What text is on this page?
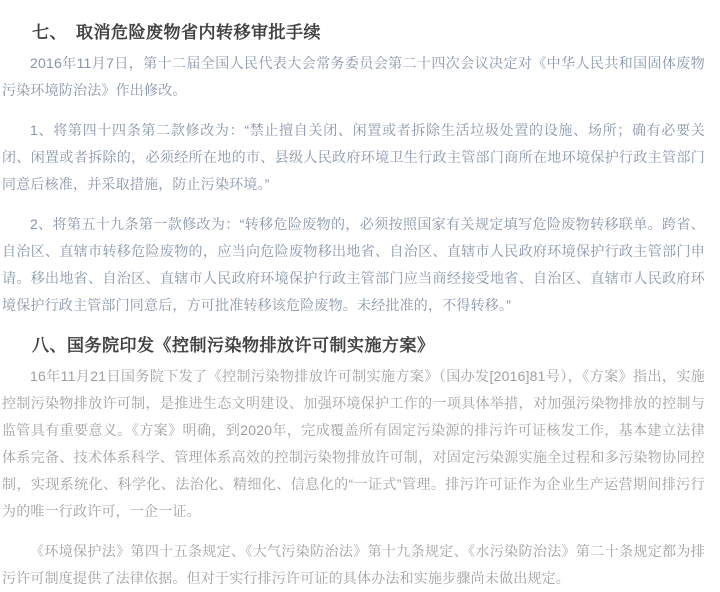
七、　取消危险废物省内转移审批手续

2016年11月7日，第十二届全国人民代表大会常务委员会第二十四次会议决定对《中华人民共和国固体废物污染环境防治法》作出修改。

1、将第四十四条第二款修改为：“禁止擅自关闭、闲置或者拆除生活垃圾处置的设施、场所；确有必要关闭、闲置或者拆除的，必须经所在地的市、县级人民政府环境卫生行政主管部门商所在地环境保护行政主管部门同意后核准，并采取措施，防止污染环境。”

2、将第五十九条第一款修改为：“转移危险废物的，必须按照国家有关规定填写危险废物转移联单。跨省、自治区、直辖市转移危险废物的，应当向危险废物移出地省、自治区、直辖市人民政府环境保护行政主管部门申请。移出地省、自治区、直辖市人民政府环境保护行政主管部门应当商经接受地省、自治区、直辖市人民政府环境保护行政主管部门同意后，方可批准转移该危险废物。未经批准的，不得转移。”

八、国务院印发《控制污染物排放许可制实施方案》

16年11月21日国务院下发了《控制污染物排放许可制实施方案》（国办发[2016]81号），《方案》指出，实施控制污染物排放许可制，是推进生态文明建设、加强环境保护工作的一项具体举措，对加强污染物排放的控制与监管具有重要意义。《方案》明确，到2020年，完成覆盖所有固定污染源的排污许可证核发工作，基本建立法律体系完备、技术体系科学、管理体系高效的控制污染物排放许可制，对固定污染源实施全过程和多污染物协同控制，实现系统化、科学化、法治化、精细化、信息化的“一证式”管理。排污许可证作为企业生产运营期间排污行为的唯一行政许可，一企一证。

《环境保护法》第四十五条规定、《大气污染防治法》第十九条规定、《水污染防治法》第二十条规定都为排污许可制度提供了法律依据。但对于实行排污许可证的具体办法和实施步骤尚未做出规定。
